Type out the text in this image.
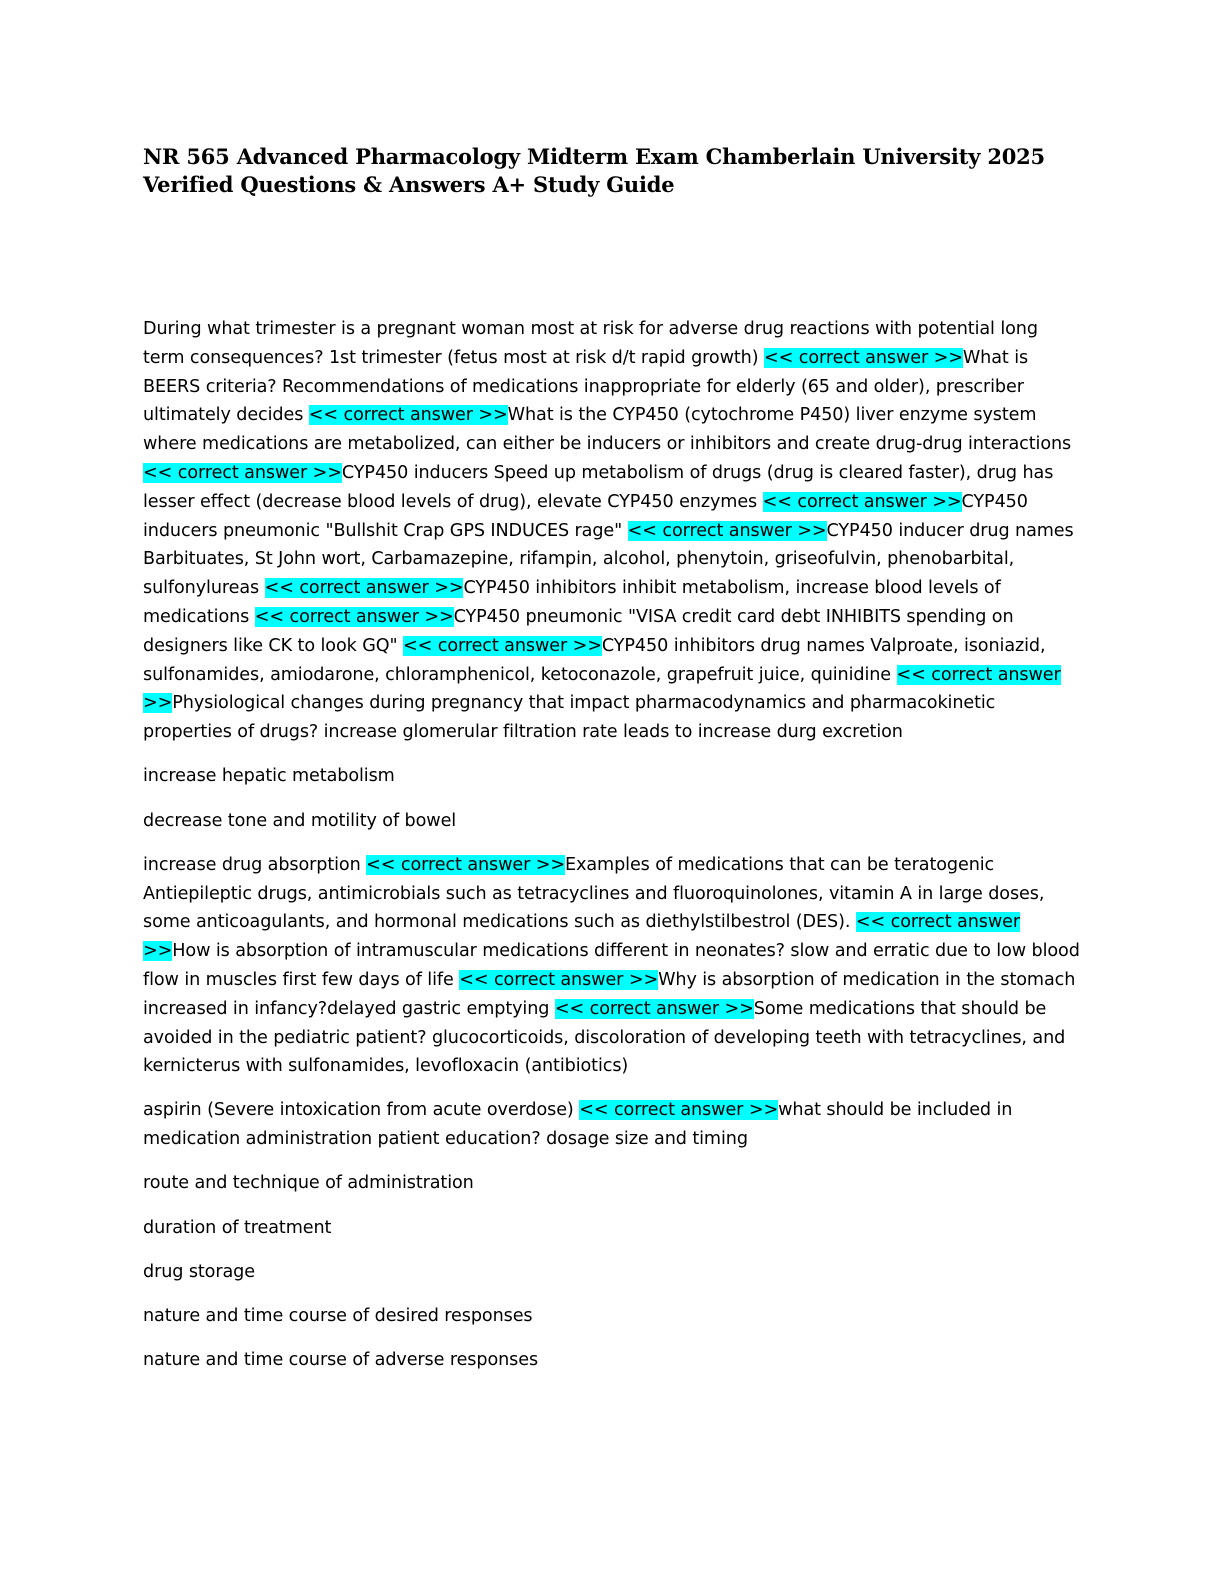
NR 565 Advanced Pharmacology Midterm Exam Chamberlain University 2025 Verified Questions & Answers A+ Study Guide

During what trimester is a pregnant woman most at risk for adverse drug reactions with potential long term consequences? 1st trimester (fetus most at risk d/t rapid growth) << correct answer >>What is BEERS criteria? Recommendations of medications inappropriate for elderly (65 and older), prescriber ultimately decides << correct answer >>What is the CYP450 (cytochrome P450) liver enzyme system where medications are metabolized, can either be inducers or inhibitors and create drug-drug interactions << correct answer >>CYP450 inducers Speed up metabolism of drugs (drug is cleared faster), drug has lesser effect (decrease blood levels of drug), elevate CYP450 enzymes << correct answer >>CYP450 inducers pneumonic "Bullshit Crap GPS INDUCES rage" << correct answer >>CYP450 inducer drug names Barbituates, St John wort, Carbamazepine, rifampin, alcohol, phenytoin, griseofulvin, phenobarbital, sulfonylureas << correct answer >>CYP450 inhibitors inhibit metabolism, increase blood levels of medications << correct answer >>CYP450 pneumonic "VISA credit card debt INHIBITS spending on designers like CK to look GQ" << correct answer >>CYP450 inhibitors drug names Valproate, isoniazid, sulfonamides, amiodarone, chloramphenicol, ketoconazole, grapefruit juice, quinidine << correct answer >>Physiological changes during pregnancy that impact pharmacodynamics and pharmacokinetic properties of drugs? increase glomerular filtration rate leads to increase durg excretion

increase hepatic metabolism

decrease tone and motility of bowel

increase drug absorption << correct answer >>Examples of medications that can be teratogenic Antiepileptic drugs, antimicrobials such as tetracyclines and fluoroquinolones, vitamin A in large doses, some anticoagulants, and hormonal medications such as diethylstilbestrol (DES). << correct answer >>How is absorption of intramuscular medications different in neonates? slow and erratic due to low blood flow in muscles first few days of life << correct answer >>Why is absorption of medication in the stomach increased in infancy?delayed gastric emptying << correct answer >>Some medications that should be avoided in the pediatric patient? glucocorticoids, discoloration of developing teeth with tetracyclines, and kernicterus with sulfonamides, levofloxacin (antibiotics)

aspirin (Severe intoxication from acute overdose) << correct answer >>what should be included in medication administration patient education? dosage size and timing

route and technique of administration

duration of treatment

drug storage

nature and time course of desired responses

nature and time course of adverse responses
